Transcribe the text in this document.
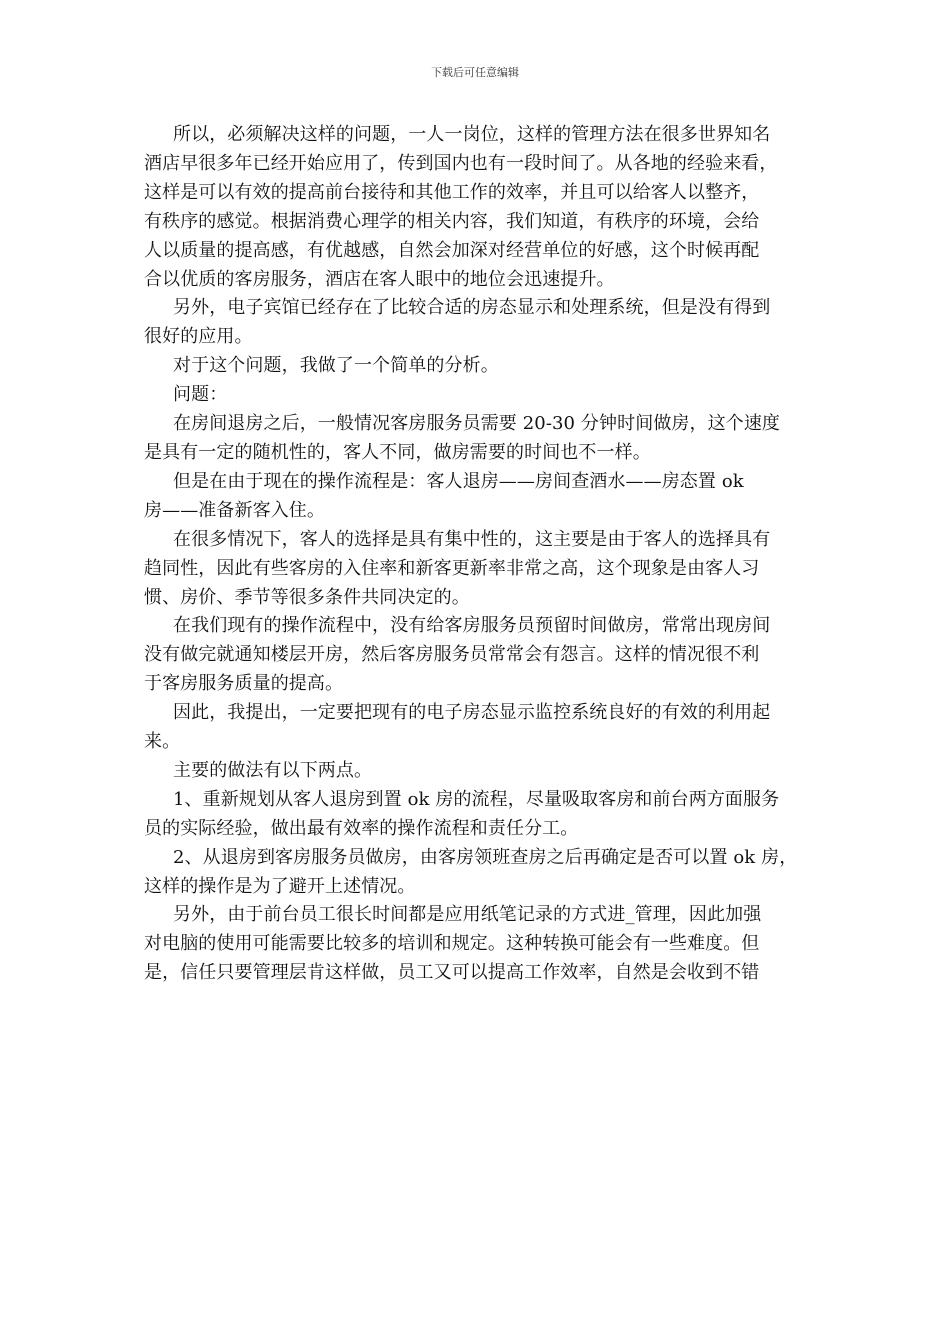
下载后可任意编辑
所以，必须解决这样的问题，一人一岗位，这样的管理方法在很多世界知名
酒店早很多年已经开始应用了，传到国内也有一段时间了。从各地的经验来看，
这样是可以有效的提高前台接待和其他工作的效率，并且可以给客人以整齐，
有秩序的感觉。根据消费心理学的相关内容，我们知道，有秩序的环境，会给
人以质量的提高感，有优越感，自然会加深对经营单位的好感，这个时候再配
合以优质的客房服务，酒店在客人眼中的地位会迅速提升。
另外，电子宾馆已经存在了比较合适的房态显示和处理系统，但是没有得到
很好的应用。
对于这个问题，我做了一个简单的分析。
问题：
在房间退房之后，一般情况客房服务员需要 20-30 分钟时间做房，这个速度
是具有一定的随机性的，客人不同，做房需要的时间也不一样。
但是在由于现在的操作流程是：客人退房——房间查酒水——房态置 ok
房——准备新客入住。
在很多情况下，客人的选择是具有集中性的，这主要是由于客人的选择具有
趋同性，因此有些客房的入住率和新客更新率非常之高，这个现象是由客人习
惯、房价、季节等很多条件共同决定的。
在我们现有的操作流程中，没有给客房服务员预留时间做房，常常出现房间
没有做完就通知楼层开房，然后客房服务员常常会有怨言。这样的情况很不利
于客房服务质量的提高。
因此，我提出，一定要把现有的电子房态显示监控系统良好的有效的利用起
来。
主要的做法有以下两点。
1、重新规划从客人退房到置 ok 房的流程，尽量吸取客房和前台两方面服务
员的实际经验，做出最有效率的操作流程和责任分工。
2、从退房到客房服务员做房，由客房领班查房之后再确定是否可以置 ok 房，
这样的操作是为了避开上述情况。
另外，由于前台员工很长时间都是应用纸笔记录的方式进_管理，因此加强
对电脑的使用可能需要比较多的培训和规定。这种转换可能会有一些难度。但
是，信任只要管理层肯这样做，员工又可以提高工作效率，自然是会收到不错
